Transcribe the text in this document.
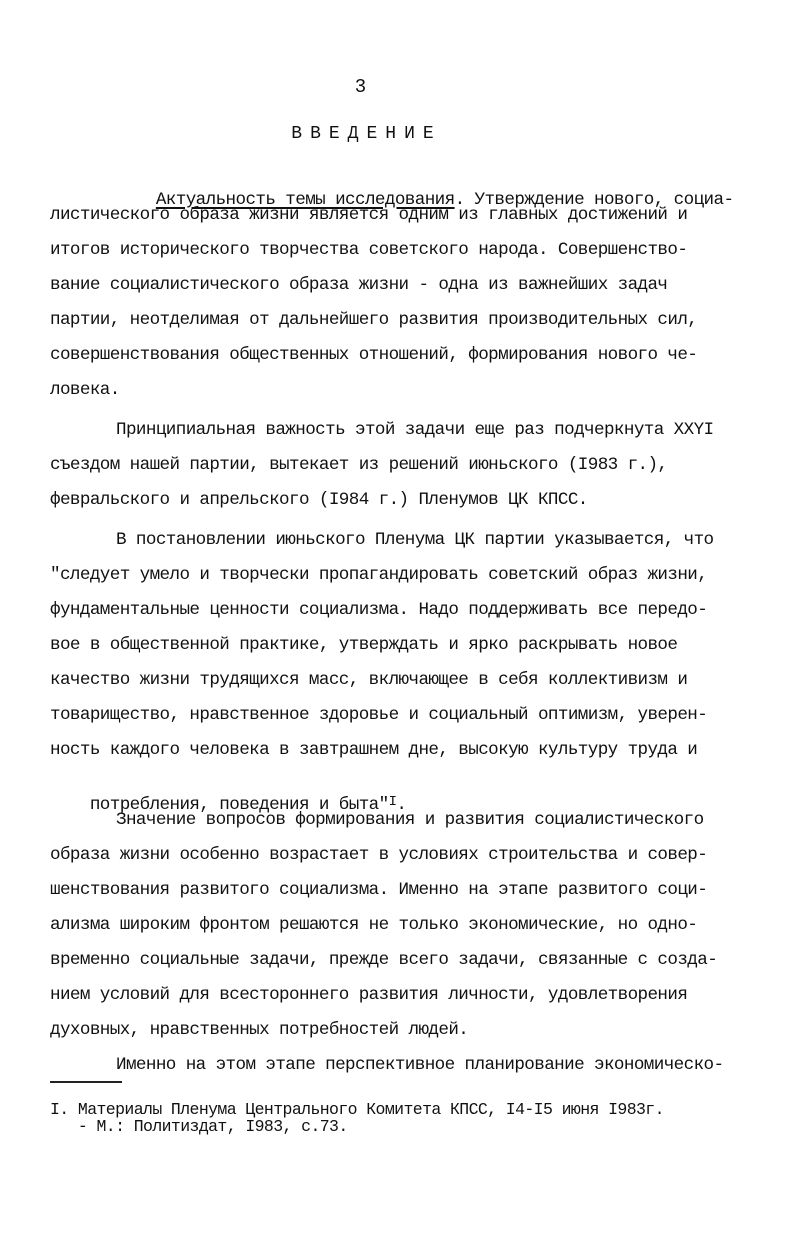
3
ВВЕДЕНИЕ

Актуальность темы исследования. Утверждение нового, социа-

листического образа жизни является одним из главных достижений и
итогов исторического творчества советского народа. Совершенство-
вание социалистического образа жизни - одна из важнейших задач
партии, неотделимая от дальнейшего развития производительных сил,
совершенствования общественных отношений, формирования нового че-
ловека.
Принципиальная важность этой задачи еще раз подчеркнута XXYI
съездом нашей партии, вытекает из решений июньского (I983 г.),
февральского и апрельского (I984 г.) Пленумов ЦК КПСС.
В постановлении июньского Пленума ЦК партии указывается, что
"следует умело и творчески пропагандировать советский образ жизни,
фундаментальные ценности социализма. Надо поддерживать все передо-
вое в общественной практике, утверждать и ярко раскрывать новое
качество жизни трудящихся масс, включающее в себя коллективизм и
товарищество, нравственное здоровье и социальный оптимизм, уверен-
ность каждого человека в завтрашнем дне, высокую культуру труда и

потребления, поведения и быта"$^I$.

Значение вопросов формирования и развития социалистического
образа жизни особенно возрастает в условиях строительства и совер-
шенствования развитого социализма. Именно на этапе развитого соци-
ализма широким фронтом решаются не только экономические, но одно-
временно социальные задачи, прежде всего задачи, связанные с созда-
нием условий для всестороннего развития личности, удовлетворения
духовных, нравственных потребностей людей.
Именно на этом этапе перспективное планирование экономическо-
I. Материалы Пленума Центрального Комитета КПСС, I4-I5 июня I983г.
- М.: Политиздат, I983, с.73.
